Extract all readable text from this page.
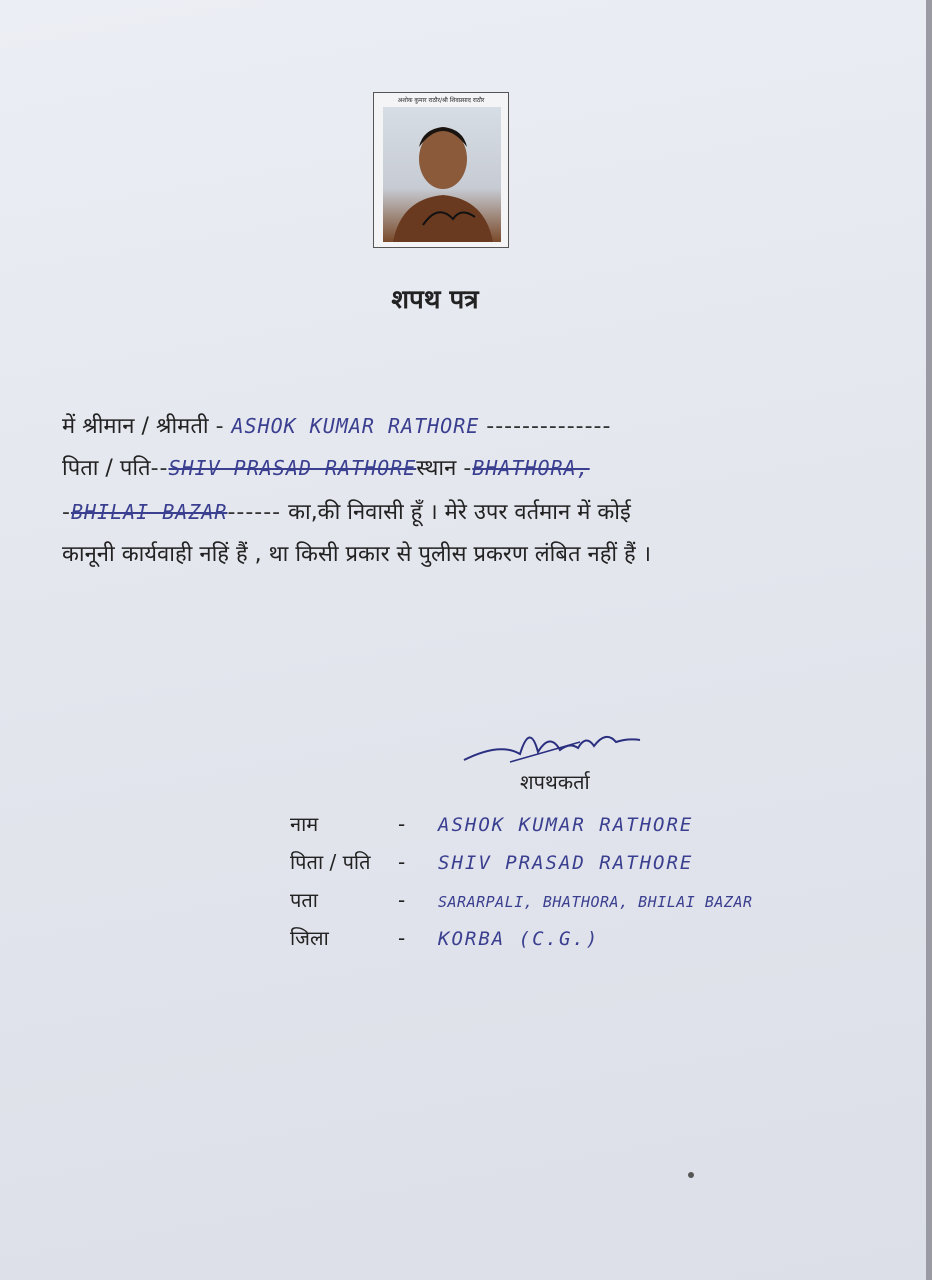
अशोक कुमार राठौर/श्री शिवप्रसाद राठौर
शपथ पत्र
में श्रीमान / श्रीमती - ASHOK KUMAR RATHORE --------------
पिता / पति--SHIV PRASAD RATHOREस्थान -BHATHORA,
-BHILAI BAZAR------ का,की निवासी हूँ । मेरे उपर वर्तमान में कोई
कानूनी कार्यवाही नहिं हैं , था किसी प्रकार से पुलीस प्रकरण लंबित नहीं हैं ।
शपथकर्ता
नाम	- ASHOK KUMAR RATHORE
पिता / पति - SHIV PRASAD RATHORE
पता	- SARARPALI, BHATHORA, BHILAI BAZAR
जिला	- KORBA (C.G.)
